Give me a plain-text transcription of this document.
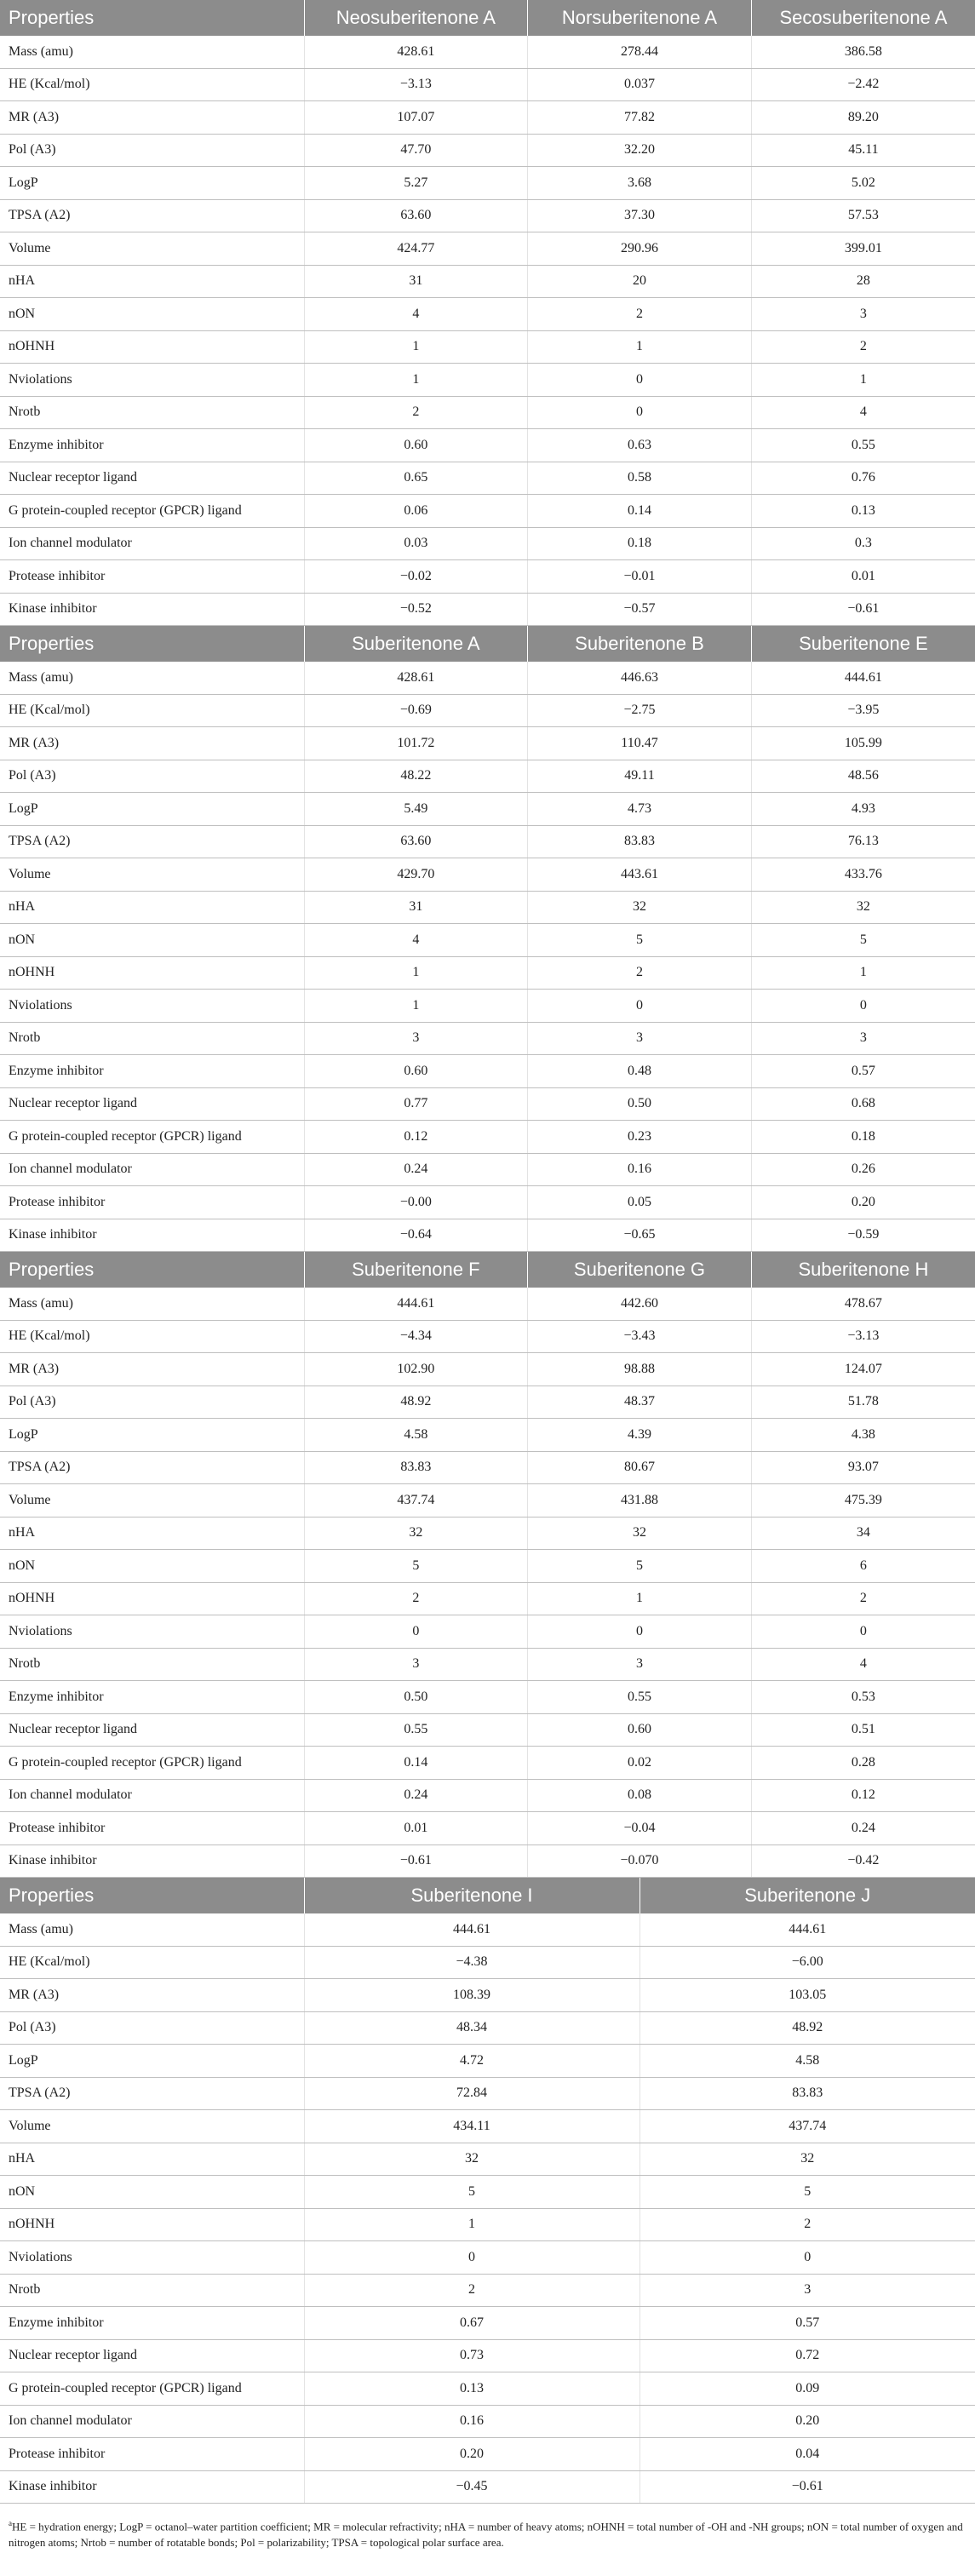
Properties	Neosuberitenone A	Norsuberitenone A	Secosuberitenone A
Mass (amu)	428.61	278.44	386.58
HE (Kcal/mol)	−3.13	0.037	−2.42
MR (A3)	107.07	77.82	89.20
Pol (A3)	47.70	32.20	45.11
LogP	5.27	3.68	5.02
TPSA (A2)	63.60	37.30	57.53
Volume	424.77	290.96	399.01
nHA	31	20	28
nON	4	2	3
nOHNH	1	1	2
Nviolations	1	0	1
Nrotb	2	0	4
Enzyme inhibitor	0.60	0.63	0.55
Nuclear receptor ligand	0.65	0.58	0.76
G protein-coupled receptor (GPCR) ligand	0.06	0.14	0.13
Ion channel modulator	0.03	0.18	0.3
Protease inhibitor	−0.02	−0.01	0.01
Kinase inhibitor	−0.52	−0.57	−0.61
Properties	Suberitenone A	Suberitenone B	Suberitenone E
Mass (amu)	428.61	446.63	444.61
HE (Kcal/mol)	−0.69	−2.75	−3.95
MR (A3)	101.72	110.47	105.99
Pol (A3)	48.22	49.11	48.56
LogP	5.49	4.73	4.93
TPSA (A2)	63.60	83.83	76.13
Volume	429.70	443.61	433.76
nHA	31	32	32
nON	4	5	5
nOHNH	1	2	1
Nviolations	1	0	0
Nrotb	3	3	3
Enzyme inhibitor	0.60	0.48	0.57
Nuclear receptor ligand	0.77	0.50	0.68
G protein-coupled receptor (GPCR) ligand	0.12	0.23	0.18
Ion channel modulator	0.24	0.16	0.26
Protease inhibitor	−0.00	0.05	0.20
Kinase inhibitor	−0.64	−0.65	−0.59
Properties	Suberitenone F	Suberitenone G	Suberitenone H
Mass (amu)	444.61	442.60	478.67
HE (Kcal/mol)	−4.34	−3.43	−3.13
MR (A3)	102.90	98.88	124.07
Pol (A3)	48.92	48.37	51.78
LogP	4.58	4.39	4.38
TPSA (A2)	83.83	80.67	93.07
Volume	437.74	431.88	475.39
nHA	32	32	34
nON	5	5	6
nOHNH	2	1	2
Nviolations	0	0	0
Nrotb	3	3	4
Enzyme inhibitor	0.50	0.55	0.53
Nuclear receptor ligand	0.55	0.60	0.51
G protein-coupled receptor (GPCR) ligand	0.14	0.02	0.28
Ion channel modulator	0.24	0.08	0.12
Protease inhibitor	0.01	−0.04	0.24
Kinase inhibitor	−0.61	−0.070	−0.42
Properties	Suberitenone I	Suberitenone J
Mass (amu)	444.61	444.61
HE (Kcal/mol)	−4.38	−6.00
MR (A3)	108.39	103.05
Pol (A3)	48.34	48.92
LogP	4.72	4.58
TPSA (A2)	72.84	83.83
Volume	434.11	437.74
nHA	32	32
nON	5	5
nOHNH	1	2
Nviolations	0	0
Nrotb	2	3
Enzyme inhibitor	0.67	0.57
Nuclear receptor ligand	0.73	0.72
G protein-coupled receptor (GPCR) ligand	0.13	0.09
Ion channel modulator	0.16	0.20
Protease inhibitor	0.20	0.04
Kinase inhibitor	−0.45	−0.61
$^a$HE = hydration energy; LogP = octanol–water partition coefficient; MR = molecular refractivity; nHA = number of heavy atoms; nOHNH = total number of -OH and -NH groups; nON = total number of oxygen and nitrogen atoms; Nrtob = number of rotatable bonds; Pol = polarizability; TPSA = topological polar surface area.
